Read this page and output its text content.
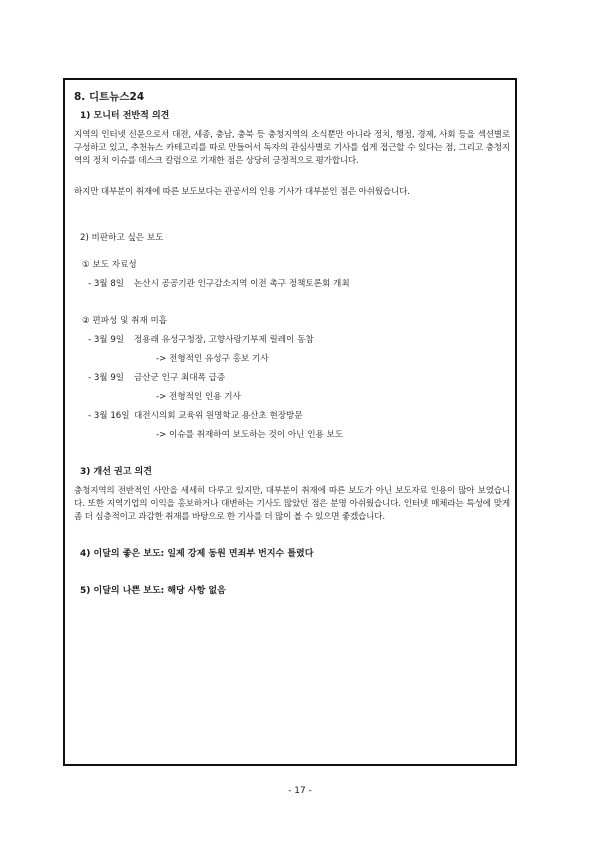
8. 디트뉴스24

1) 모니터 전반적 의견

지역의 인터넷 신문으로서 대전, 세종, 충남, 충북 등 충청지역의 소식뿐만 아니라 정치, 행정, 경제, 사회 등을 섹션별로 구성하고 있고, 추천뉴스 카테고리를 따로 만들어서 독자의 관심사별로 기사를 쉽게 접근할 수 있다는 점, 그리고 충청지역의 정치 이슈를 데스크 칼럼으로 기재한 점은 상당히 긍정적으로 평가합니다.

하지만 대부분이 취재에 따른 보도보다는 관공서의 인용 기사가 대부분인 점은 아쉬웠습니다.

2) 비판하고 싶은 보도

① 보도 자료성

- 3월 8일	논산시 공공기관 인구감소지역 이전 촉구 정책토론회 개최

② 편파성 및 취재 미흡

- 3월 9일	정용래 유성구청장, 고향사랑기부제 릴레이 동참

-> 전형적인 유성구 홍보 기사

- 3월 9일	금산군 인구 최대폭 급증

-> 전형적인 인용 기사

- 3월 16일 대전시의회 교육위 원명학교 용산초 현장방문

-> 이슈를 취재하여 보도하는 것이 아닌 인용 보도

3) 개선 권고 의견

충청지역의 전반적인 사안을 세세히 다루고 있지만, 대부분이 취재에 따른 보도가 아닌 보도자료 인용이 많아 보였습니다. 또한 지역기업의 이익을 홍보하거나 대변하는 기사도 많았던 점은 분명 아쉬웠습니다. 인터넷 매체라는 특성에 맞게 좀 더 심층적이고 과감한 취재를 바탕으로 한 기사를 더 많이 볼 수 있으면 좋겠습니다.

4) 이달의 좋은 보도: 일제 강제 동원 면죄부 번지수 틀렸다

5) 이달의 나쁜 보도: 해당 사항 없음

- 17 -
